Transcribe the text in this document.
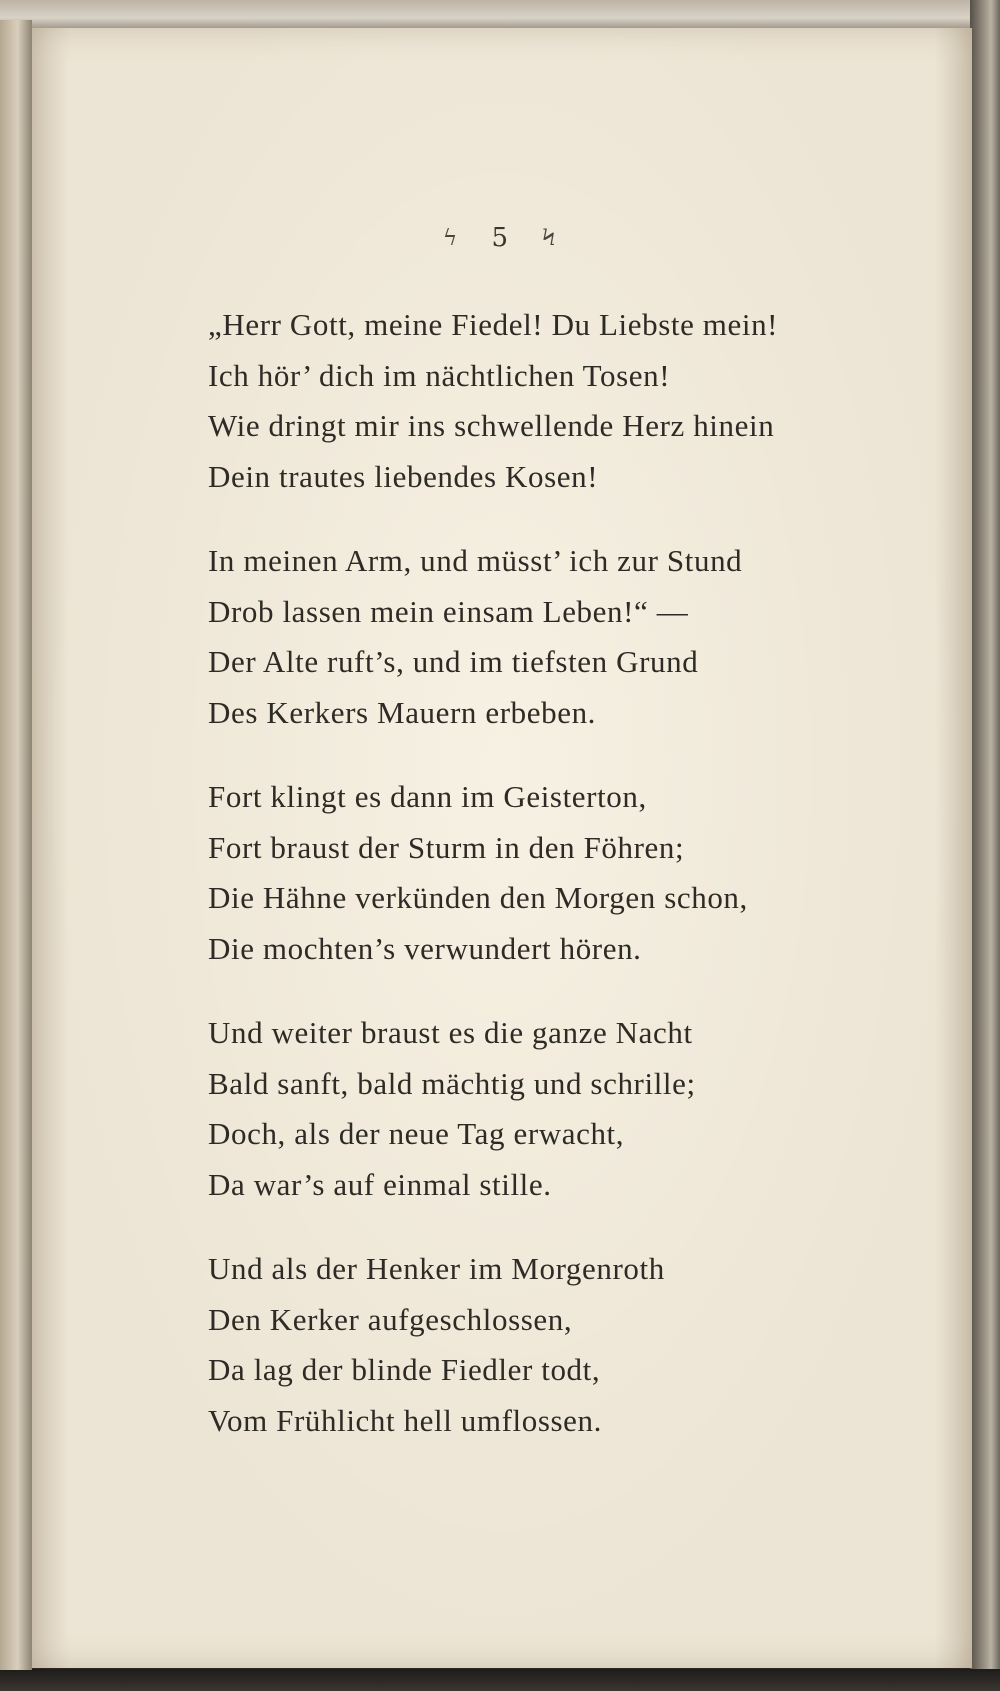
ϟ 5 Ϟ
„Herr Gott, meine Fiedel! Du Liebste mein!
Ich hör’ dich im nächtlichen Tosen!
Wie dringt mir ins schwellende Herz hinein
Dein trautes liebendes Kosen!
In meinen Arm, und müsst’ ich zur Stund
Drob lassen mein einsam Leben!“ —
Der Alte ruft’s, und im tiefsten Grund
Des Kerkers Mauern erbeben.
Fort klingt es dann im Geisterton,
Fort braust der Sturm in den Föhren;
Die Hähne verkünden den Morgen schon,
Die mochten’s verwundert hören.
Und weiter braust es die ganze Nacht
Bald sanft, bald mächtig und schrille;
Doch, als der neue Tag erwacht,
Da war’s auf einmal stille.
Und als der Henker im Morgenroth
Den Kerker aufgeschlossen,
Da lag der blinde Fiedler todt,
Vom Frühlicht hell umflossen.
